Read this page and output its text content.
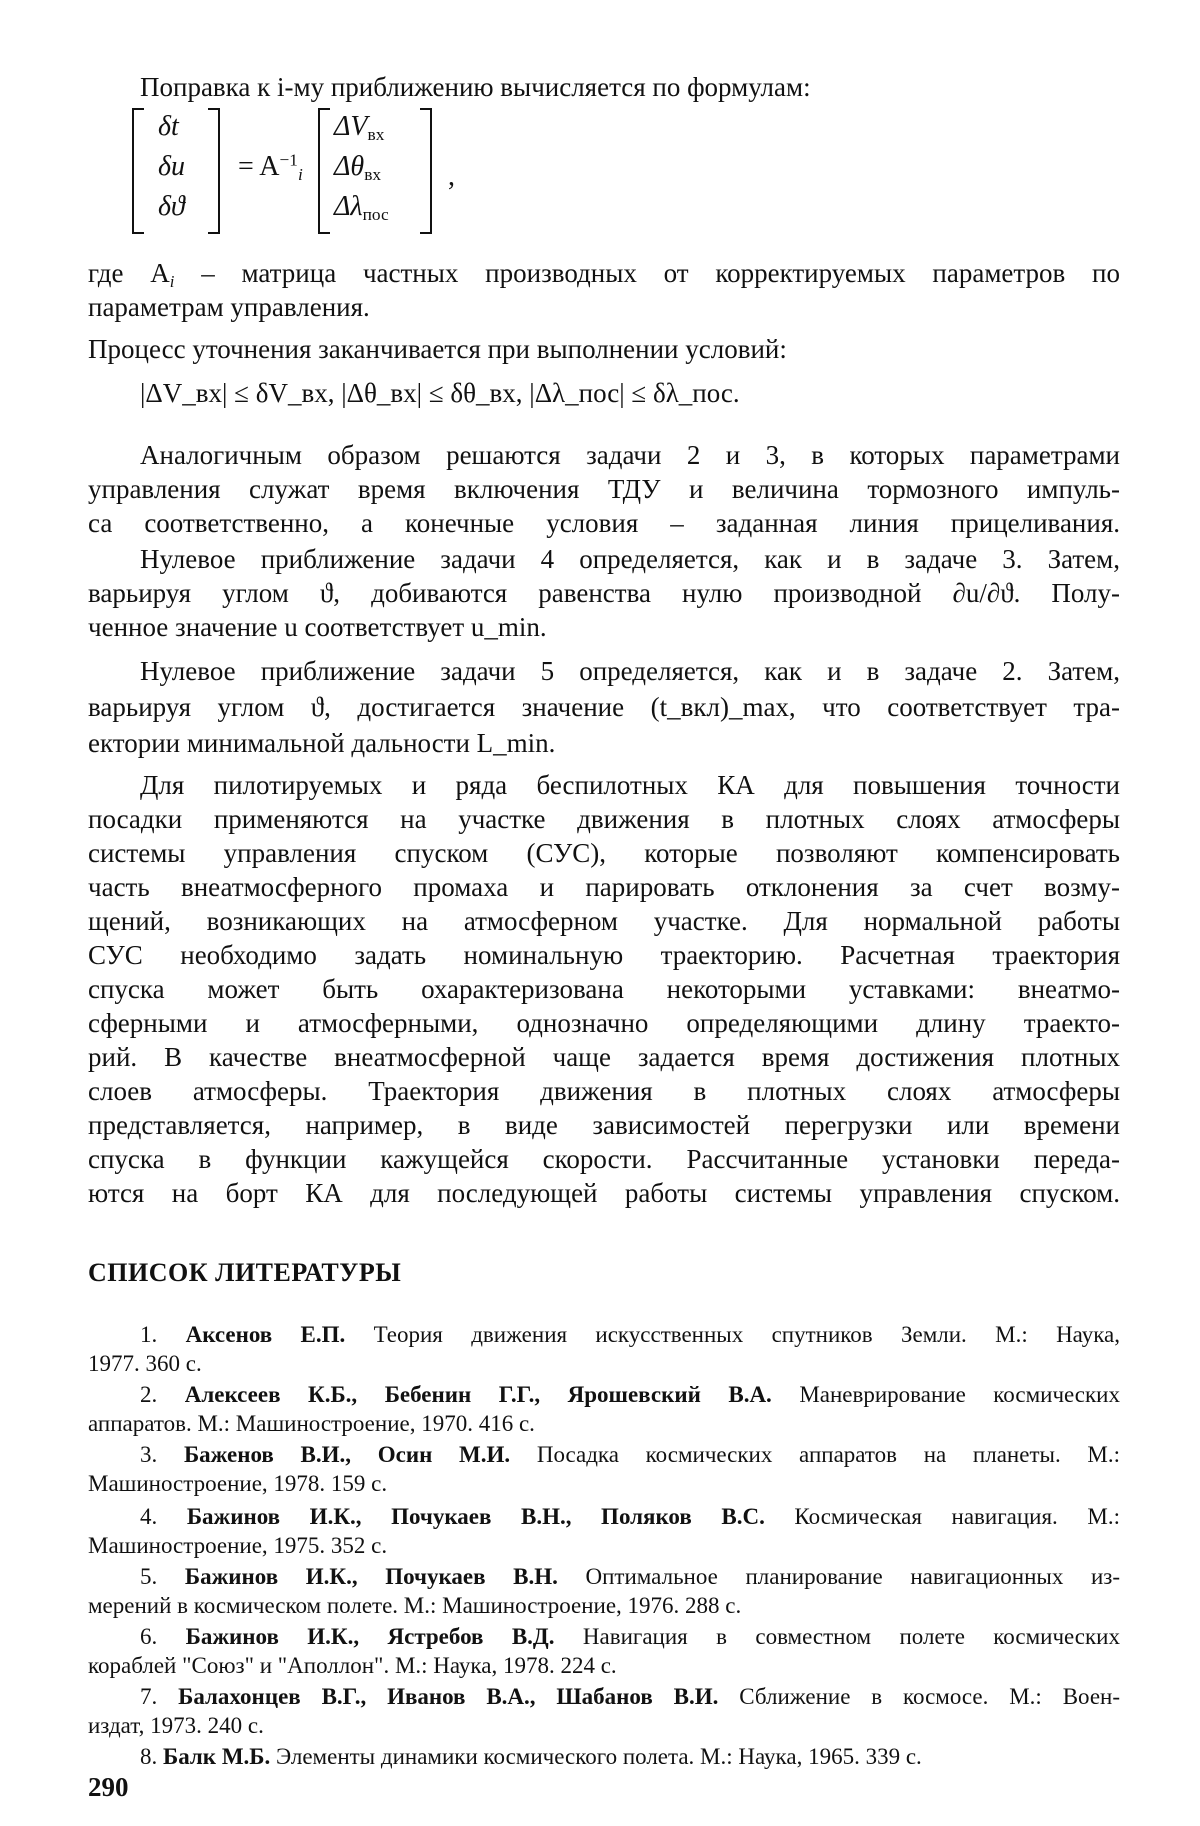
Поправка к i-му приближению вычисляется по формулам:
δt
δu
δϑ
= $A^{-1}_i$
$\Delta V_{вх}$
$\Delta\theta_{вх}$
$\Delta\lambda_{пос}$
,
где $A_i$ – матрица частных производных от корректируемых параметров по
параметрам управления.
Процесс уточнения заканчивается при выполнении условий:
|ΔV_вх| ≤ δV_вх, |Δθ_вх| ≤ δθ_вх, |Δλ_пос| ≤ δλ_пос.
Аналогичным образом решаются задачи 2 и 3, в которых параметрами
управления служат время включения ТДУ и величина тормозного импуль-
са соответственно, а конечные условия – заданная линия прицеливания.
Нулевое приближение задачи 4 определяется, как и в задаче 3. Затем,
варьируя углом ϑ, добиваются равенства нулю производной ∂u/∂ϑ. Полу-
ченное значение u соответствует u_min.
Нулевое приближение задачи 5 определяется, как и в задаче 2. Затем,
варьируя углом ϑ, достигается значение (t_вкл)_max, что соответствует тра-
ектории минимальной дальности L_min.
Для пилотируемых и ряда беспилотных КА для повышения точности
посадки применяются на участке движения в плотных слоях атмосферы
системы управления спуском (СУС), которые позволяют компенсировать
часть внеатмосферного промаха и парировать отклонения за счет возму-
щений, возникающих на атмосферном участке. Для нормальной работы
СУС необходимо задать номинальную траекторию. Расчетная траектория
спуска может быть охарактеризована некоторыми уставками: внеатмо-
сферными и атмосферными, однозначно определяющими длину траекто-
рий. В качестве внеатмосферной чаще задается время достижения плотных
слоев атмосферы. Траектория движения в плотных слоях атмосферы
представляется, например, в виде зависимостей перегрузки или времени
спуска в функции кажущейся скорости. Рассчитанные установки переда-
ются на борт КА для последующей работы системы управления спуском.
СПИСОК ЛИТЕРАТУРЫ
1. Аксенов Е.П. Теория движения искусственных спутников Земли. М.: Наука,
1977. 360 с.
2. Алексеев К.Б., Бебенин Г.Г., Ярошевский В.А. Маневрирование космических
аппаратов. М.: Машиностроение, 1970. 416 с.
3. Баженов В.И., Осин М.И. Посадка космических аппаратов на планеты. М.:
Машиностроение, 1978. 159 с.
4. Бажинов И.К., Почукаев В.Н., Поляков В.С. Космическая навигация. М.:
Машиностроение, 1975. 352 с.
5. Бажинов И.К., Почукаев В.Н. Оптимальное планирование навигационных из-
мерений в космическом полете. М.: Машиностроение, 1976. 288 с.
6. Бажинов И.К., Ястребов В.Д. Навигация в совместном полете космических
кораблей "Союз" и "Аполлон". М.: Наука, 1978. 224 с.
7. Балахонцев В.Г., Иванов В.А., Шабанов В.И. Сближение в космосе. М.: Воен-
издат, 1973. 240 с.
8. Балк М.Б. Элементы динамики космического полета. М.: Наука, 1965. 339 с.
290
